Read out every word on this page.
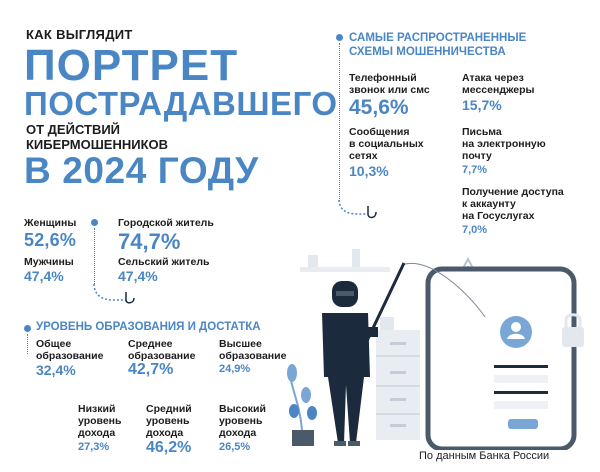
КАК ВЫГЛЯДИТ
ПОРТРЕТ
ПОСТРАДАВШЕГО
ОТ ДЕЙСТВИЙ
КИБЕРМОШЕННИКОВ
В 2024 ГОДУ
Женщины
52,6%
Мужчины
47,4%
Городской житель
74,7%
Сельский житель
47,4%
САМЫЕ РАСПРОСТРАНЕННЫЕ
СХЕМЫ МОШЕННИЧЕСТВА
Телефонный
звонок или смс
45,6%
Атака через
мессенджеры
15,7%
Сообщения
в социальных
сетях
10,3%
Письма
на электронную
почту
7,7%
Получение доступа
к аккаунту
на Госуслугах
7,0%
УРОВЕНЬ ОБРАЗОВАНИЯ И ДОСТАТКА
Общее
образование
32,4%
Среднее
образование
42,7%
Высшее
образование
24,9%
Низкий
уровень
дохода
27,3%
Средний
уровень
дохода
46,2%
Высокий
уровень
дохода
26,5%
По данным Банка России
